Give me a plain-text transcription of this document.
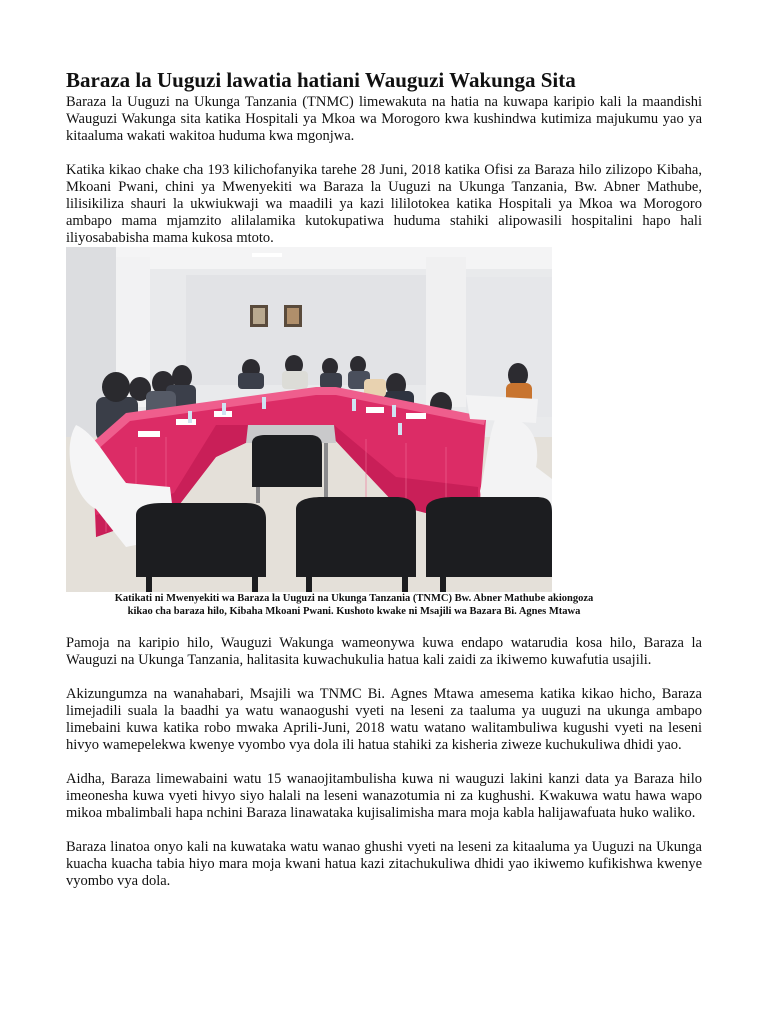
Baraza la Uuguzi lawatia hatiani Wauguzi Wakunga Sita

Baraza la Uuguzi na Ukunga Tanzania (TNMC) limewakuta na hatia na kuwapa karipio kali la maandishi Wauguzi Wakunga sita katika Hospitali ya Mkoa wa Morogoro kwa kushindwa kutimiza majukumu yao ya kitaaluma wakati wakitoa huduma kwa mgonjwa.

Katika kikao chake cha 193 kilichofanyika tarehe 28 Juni, 2018 katika Ofisi za Baraza hilo zilizopo Kibaha, Mkoani Pwani, chini ya Mwenyekiti wa Baraza la Uuguzi na Ukunga Tanzania, Bw. Abner Mathube, lilisikiliza shauri la ukwiukwaji wa maadili ya kazi lililotokea katika Hospitali ya Mkoa wa Morogoro ambapo mama mjamzito alilalamika kutokupatiwa huduma stahiki alipowasili hospitalini hapo hali iliyosababisha mama kukosa mtoto.

Katikati ni Mwenyekiti wa Baraza la Uuguzi na Ukunga Tanzania (TNMC) Bw. Abner Mathube akiongoza
kikao cha baraza hilo, Kibaha Mkoani Pwani. Kushoto kwake ni Msajili wa Bazara Bi. Agnes Mtawa

Pamoja na karipio hilo, Wauguzi Wakunga wameonywa kuwa endapo watarudia kosa hilo, Baraza la Wauguzi na Ukunga Tanzania, halitasita kuwachukulia hatua kali zaidi za ikiwemo kuwafutia usajili.

Akizungumza na wanahabari, Msajili wa TNMC Bi. Agnes Mtawa amesema katika kikao hicho, Baraza limejadili suala la baadhi ya watu wanaogushi vyeti na leseni za taaluma ya uuguzi na ukunga ambapo limebaini kuwa katika robo mwaka Aprili-Juni, 2018 watu watano walitambuliwa kugushi vyeti na leseni hivyo wamepelekwa kwenye vyombo vya dola ili hatua stahiki za kisheria ziweze kuchukuliwa dhidi yao.

Aidha, Baraza limewabaini watu 15 wanaojitambulisha kuwa ni wauguzi lakini kanzi data ya Baraza hilo imeonesha kuwa vyeti hivyo siyo halali na leseni wanazotumia ni za kughushi. Kwakuwa watu hawa wapo mikoa mbalimbali hapa nchini Baraza linawataka kujisalimisha mara moja kabla halijawafuata huko waliko.

Baraza linatoa onyo kali na kuwataka watu wanao ghushi vyeti na leseni za kitaaluma ya Uuguzi na Ukunga kuacha kuacha tabia hiyo mara moja kwani hatua kazi zitachukuliwa dhidi yao ikiwemo kufikishwa kwenye vyombo vya dola.
